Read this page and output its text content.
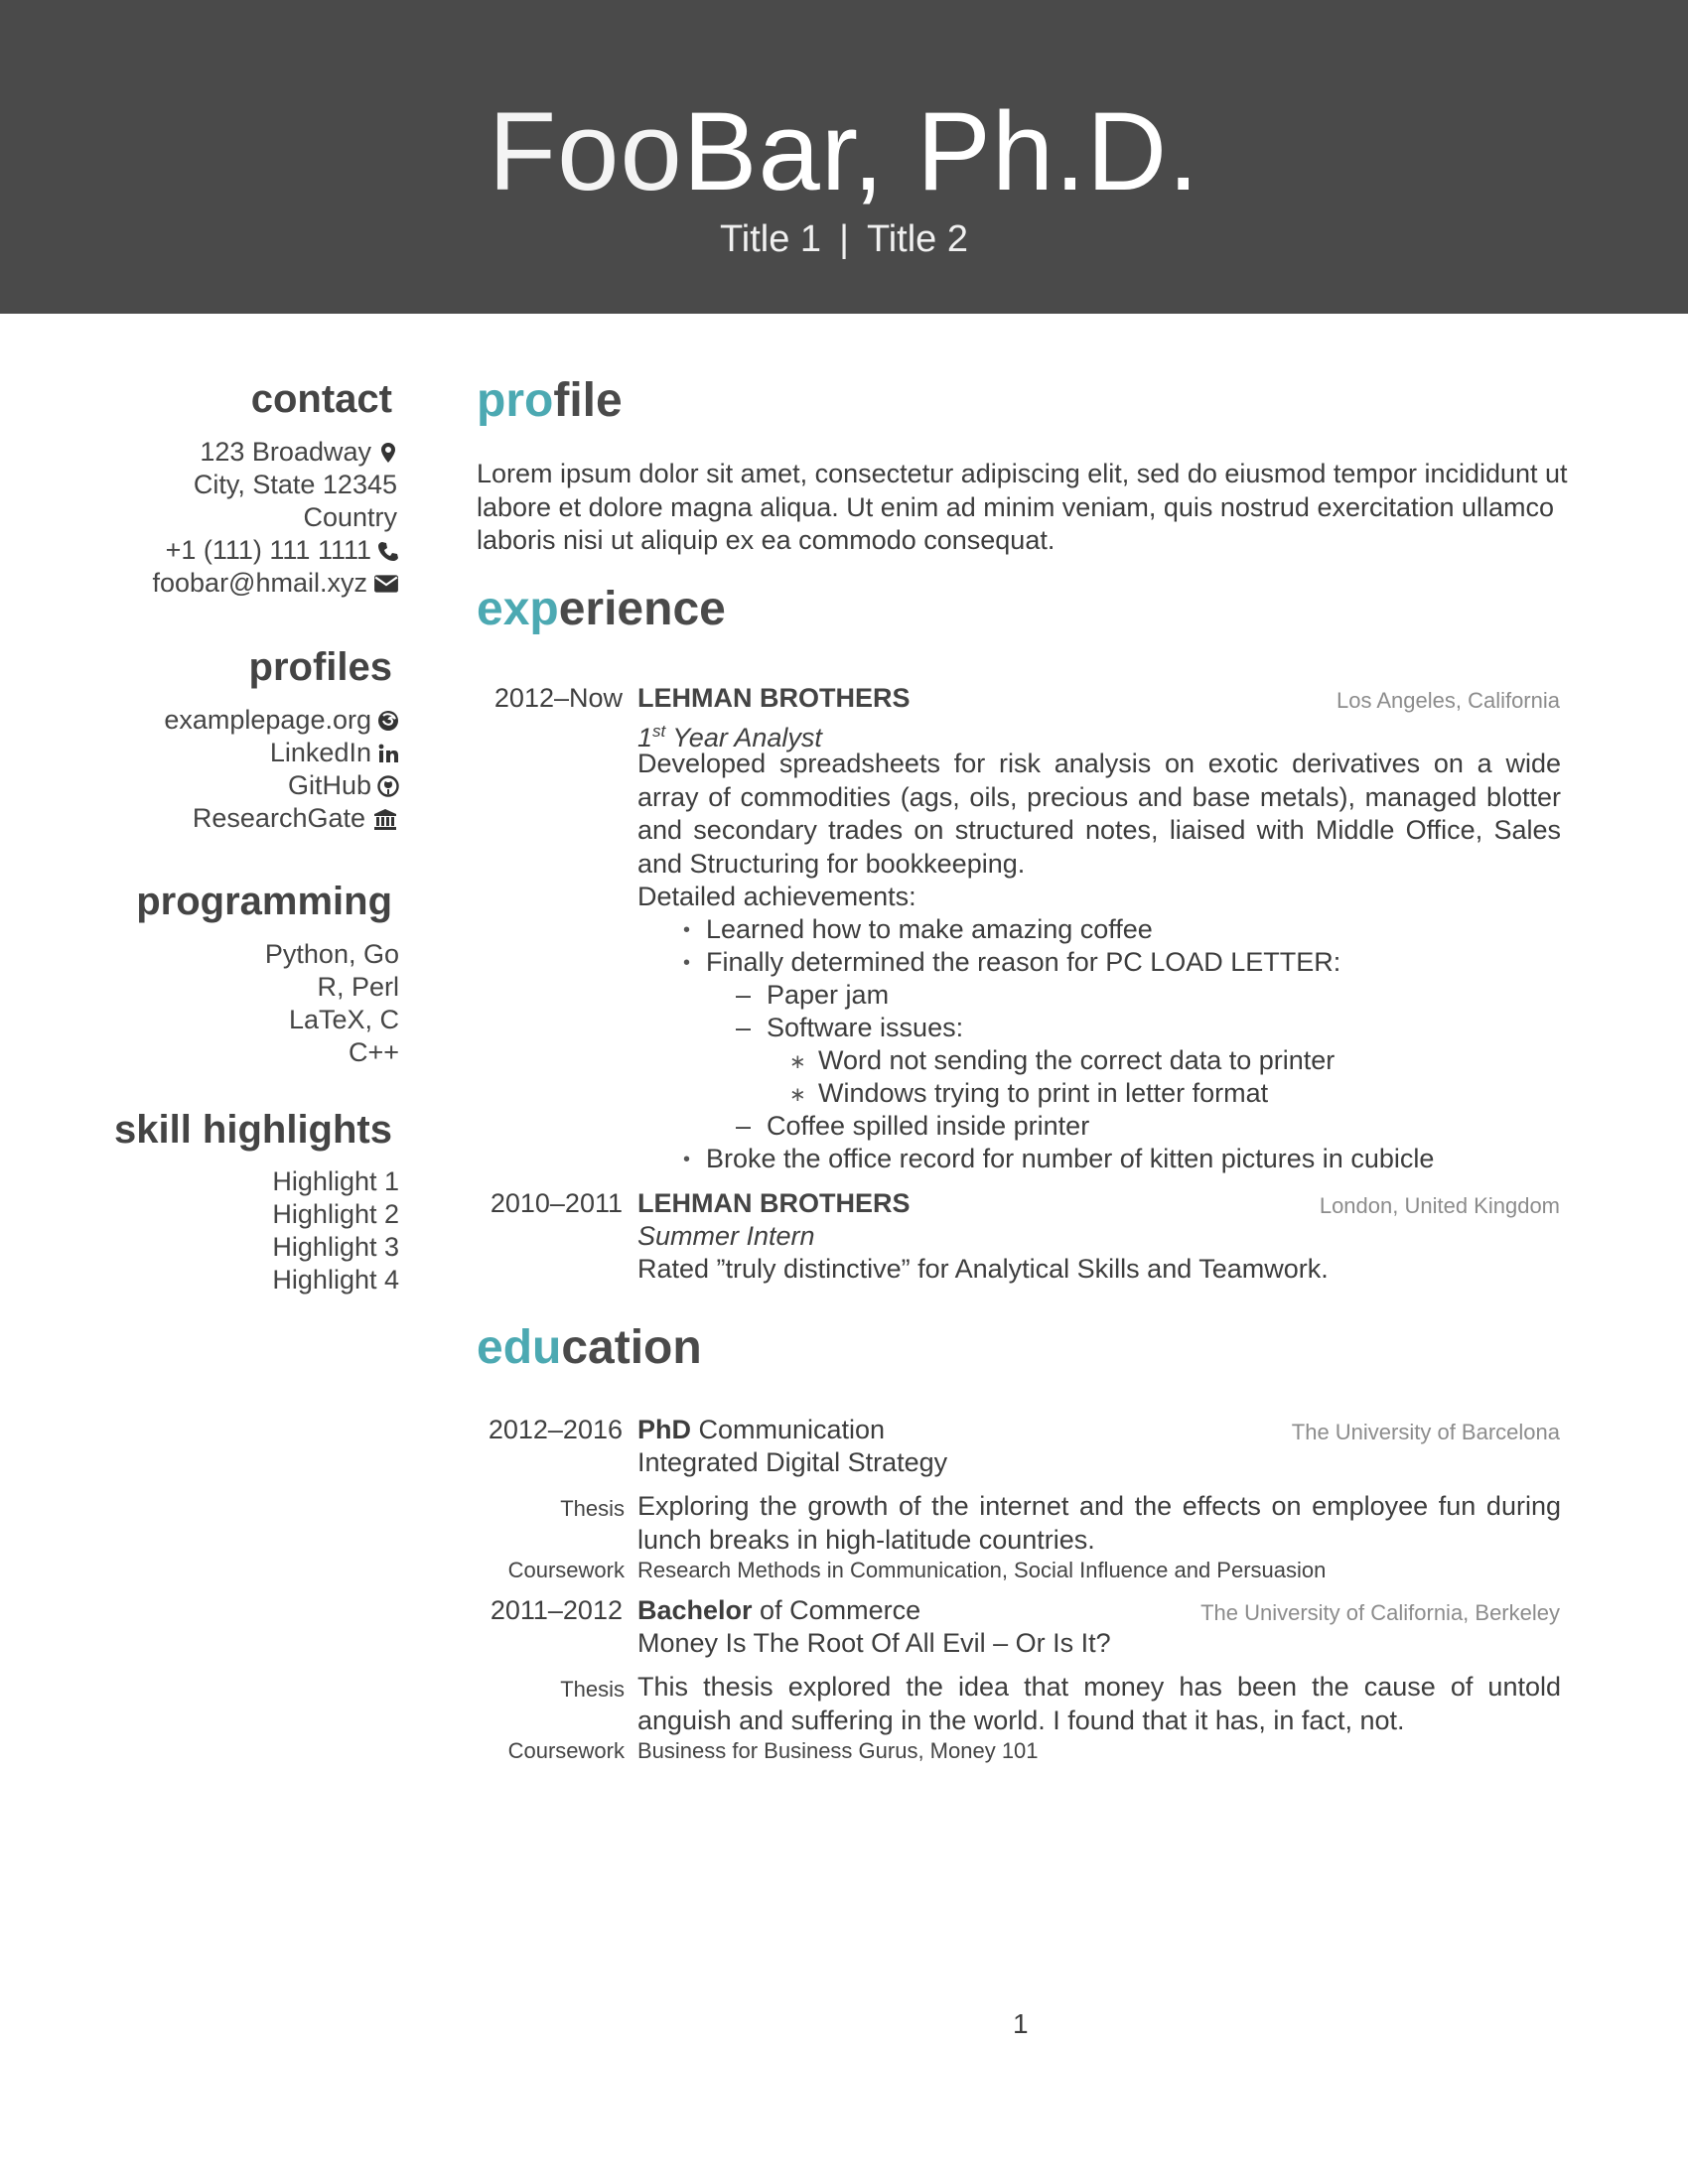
FooBar, Ph.D.
Title 1 | Title 2
contact
123 Broadway
City, State 12345
Country
+1 (111) 111 1111
foobar@hmail.xyz
profiles
examplepage.org
LinkedIn
GitHub
ResearchGate
programming
Python, Go
R, Perl
LaTeX, C
C++
skill highlights
Highlight 1
Highlight 2
Highlight 3
Highlight 4
profile
Lorem ipsum dolor sit amet, consectetur adipiscing elit, sed do eiusmod tempor incididunt ut labore et dolore magna aliqua. Ut enim ad minim veniam, quis nostrud exercitation ullamco laboris nisi ut aliquip ex ea commodo consequat.
experience
2012–Now LEHMAN BROTHERS	Los Angeles, California
1st Year Analyst
Developed spreadsheets for risk analysis on exotic derivatives on a wide array of commodities (ags, oils, precious and base metals), managed blotter and secondary trades on structured notes, liaised with Middle Office, Sales and Structuring for bookkeeping.
Detailed achievements:
• Learned how to make amazing coffee
• Finally determined the reason for PC LOAD LETTER:
– Paper jam
– Software issues:
∗ Word not sending the correct data to printer
∗ Windows trying to print in letter format
– Coffee spilled inside printer
• Broke the office record for number of kitten pictures in cubicle
2010–2011 LEHMAN BROTHERS	London, United Kingdom
Summer Intern
Rated ”truly distinctive” for Analytical Skills and Teamwork.
education
2012–2016 PhD Communication	The University of Barcelona
Integrated Digital Strategy
Thesis Exploring the growth of the internet and the effects on employee fun during lunch breaks in high-latitude countries.
Coursework Research Methods in Communication, Social Influence and Persuasion
2011–2012 Bachelor of Commerce	The University of California, Berkeley
Money Is The Root Of All Evil – Or Is It?
Thesis This thesis explored the idea that money has been the cause of untold anguish and suffering in the world. I found that it has, in fact, not.
Coursework Business for Business Gurus, Money 101
1
